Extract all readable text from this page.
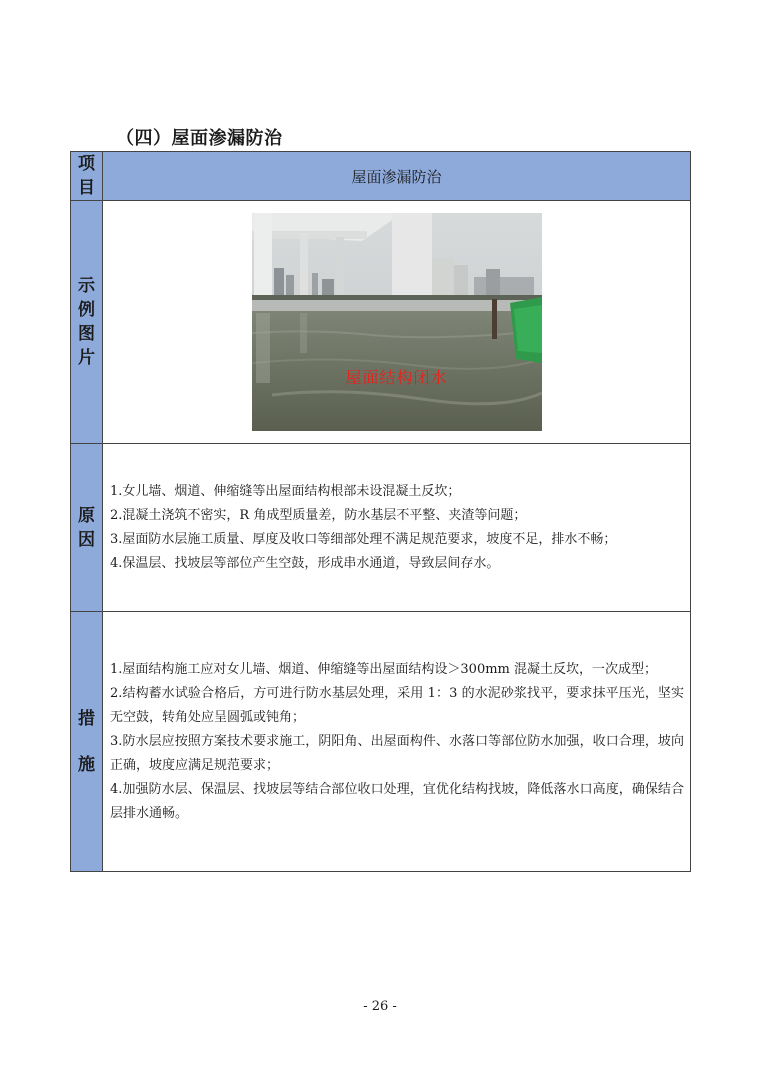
（四）屋面渗漏防治
项目	屋面渗漏防治

示例图片	屋面结构闭水

原因	1.女儿墙、烟道、伸缩缝等出屋面结构根部未设混凝土反坎；

2.混凝土浇筑不密实，R 角成型质量差，防水基层不平整、夹渣等问题；

3.屋面防水层施工质量、厚度及收口等细部处理不满足规范要求，坡度不足，排水不畅；

4.保温层、找坡层等部位产生空鼓，形成串水通道，导致层间存水。

措施	1.屋面结构施工应对女儿墙、烟道、伸缩缝等出屋面结构设＞300mm 混凝土反坎，一次成型；

2.结构蓄水试验合格后，方可进行防水基层处理，采用 1：3 的水泥砂浆找平，要求抹平压光，坚实无空鼓，转角处应呈圆弧或钝角；

3.防水层应按照方案技术要求施工，阴阳角、出屋面构件、水落口等部位防水加强，收口合理，坡向正确，坡度应满足规范要求；

4.加强防水层、保温层、找坡层等结合部位收口处理，宜优化结构找坡，降低落水口高度，确保结合层排水通畅。

- 26 -
